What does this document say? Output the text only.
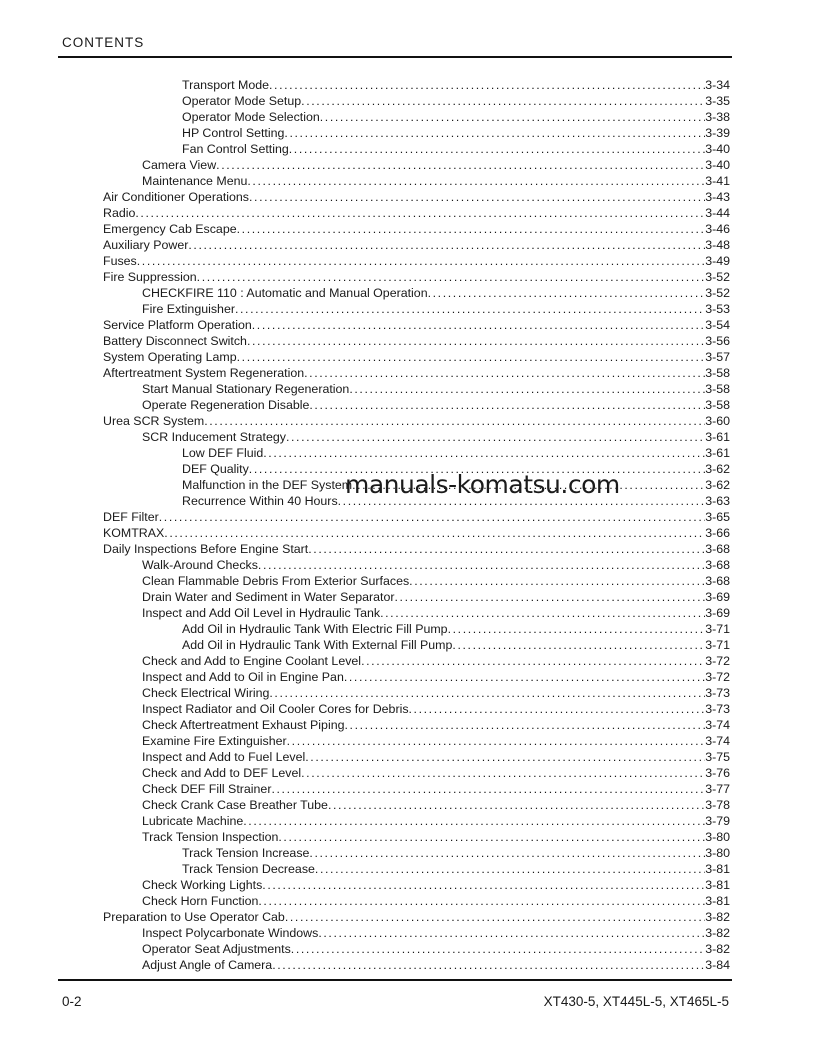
CONTENTS
Transport Mode .....	3-34
Operator Mode Setup .....	3-35
Operator Mode Selection .....	3-38
HP Control Setting .....	3-39
Fan Control Setting .....	3-40
Camera View .....	3-40
Maintenance Menu .....	3-41
Air Conditioner Operations .....	3-43
Radio .....	3-44
Emergency Cab Escape .....	3-46
Auxiliary Power .....	3-48
Fuses .....	3-49
Fire Suppression .....	3-52
CHECKFIRE 110 : Automatic and Manual Operation .....	3-52
Fire Extinguisher .....	3-53
Service Platform Operation .....	3-54
Battery Disconnect Switch .....	3-56
System Operating Lamp .....	3-57
Aftertreatment System Regeneration .....	3-58
Start Manual Stationary Regeneration .....	3-58
Operate Regeneration Disable .....	3-58
Urea SCR System .....	3-60
SCR Inducement Strategy .....	3-61
Low DEF Fluid .....	3-61
DEF Quality .....	3-62
Malfunction in the DEF System .....	3-62
Recurrence Within 40 Hours .....	3-63
DEF Filter .....	3-65
KOMTRAX .....	3-66
Daily Inspections Before Engine Start .....	3-68
Walk-Around Checks .....	3-68
Clean Flammable Debris From Exterior Surfaces .....	3-68
Drain Water and Sediment in Water Separator .....	3-69
Inspect and Add Oil Level in Hydraulic Tank .....	3-69
Add Oil in Hydraulic Tank With Electric Fill Pump .....	3-71
Add Oil in Hydraulic Tank With External Fill Pump .....	3-71
Check and Add to Engine Coolant Level .....	3-72
Inspect and Add to Oil in Engine Pan .....	3-72
Check Electrical Wiring .....	3-73
Inspect Radiator and Oil Cooler Cores for Debris .....	3-73
Check Aftertreatment Exhaust Piping .....	3-74
Examine Fire Extinguisher .....	3-74
Inspect and Add to Fuel Level .....	3-75
Check and Add to DEF Level .....	3-76
Check DEF Fill Strainer .....	3-77
Check Crank Case Breather Tube .....	3-78
Lubricate Machine .....	3-79
Track Tension Inspection .....	3-80
Track Tension Increase .....	3-80
Track Tension Decrease .....	3-81
Check Working Lights .....	3-81
Check Horn Function .....	3-81
Preparation to Use Operator Cab .....	3-82
Inspect Polycarbonate Windows .....	3-82
Operator Seat Adjustments .....	3-82
Adjust Angle of Camera .....	3-84
manuals-komatsu.com
0-2	XT430-5, XT445L-5, XT465L-5
